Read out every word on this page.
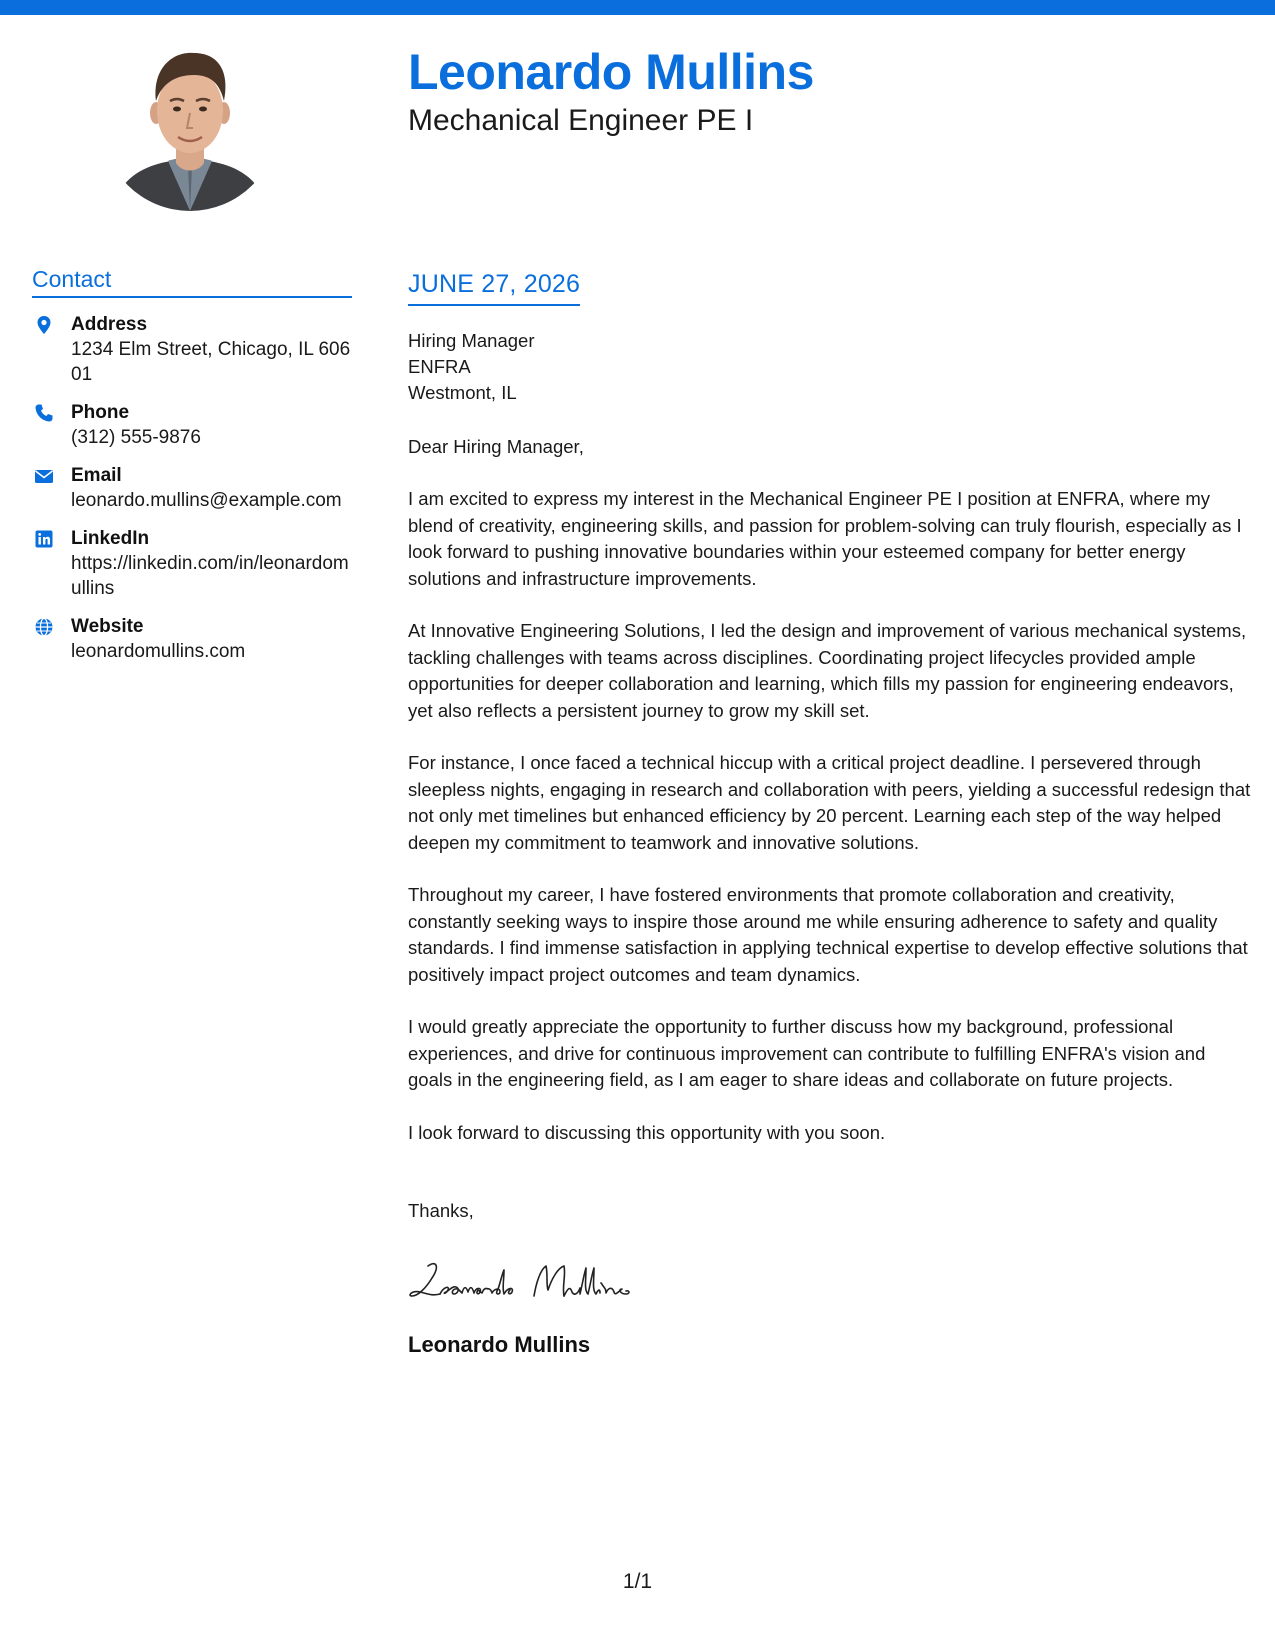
Leonardo Mullins
Mechanical Engineer PE I
Contact
Address
1234 Elm Street, Chicago, IL 60601
Phone
(312) 555-9876
Email
leonardo.mullins@example.com
LinkedIn
https://linkedin.com/in/leonardomullins
Website
leonardomullins.com
JUNE 27, 2026
Hiring Manager
ENFRA
Westmont, IL
Dear Hiring Manager,

I am excited to express my interest in the Mechanical Engineer PE I position at ENFRA, where my blend of creativity, engineering skills, and passion for problem-solving can truly flourish, especially as I look forward to pushing innovative boundaries within your esteemed company for better energy solutions and infrastructure improvements.

At Innovative Engineering Solutions, I led the design and improvement of various mechanical systems, tackling challenges with teams across disciplines. Coordinating project lifecycles provided ample opportunities for deeper collaboration and learning, which fills my passion for engineering endeavors, yet also reflects a persistent journey to grow my skill set.

For instance, I once faced a technical hiccup with a critical project deadline. I persevered through sleepless nights, engaging in research and collaboration with peers, yielding a successful redesign that not only met timelines but enhanced efficiency by 20 percent. Learning each step of the way helped deepen my commitment to teamwork and innovative solutions.

Throughout my career, I have fostered environments that promote collaboration and creativity, constantly seeking ways to inspire those around me while ensuring adherence to safety and quality standards. I find immense satisfaction in applying technical expertise to develop effective solutions that positively impact project outcomes and team dynamics.

I would greatly appreciate the opportunity to further discuss how my background, professional experiences, and drive for continuous improvement can contribute to fulfilling ENFRA's vision and goals in the engineering field, as I am eager to share ideas and collaborate on future projects.

I look forward to discussing this opportunity with you soon.

Thanks,
Leonardo Mullins
1/1
